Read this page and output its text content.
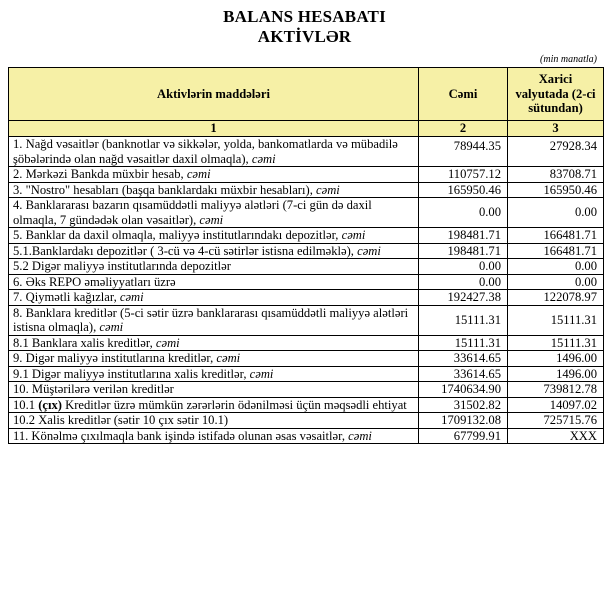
BALANS HESABATI
AKTİVLƏR
(min manatla)
Aktivlərin maddələri	Cəmi	Xarici valyutada (2-ci sütundan)
1	2	3
1. Nağd vəsaitlər (banknotlar və sikkələr, yolda, bankomatlarda və mübadilə şöbələrində olan nağd vəsaitlər daxil olmaqla), cəmi	78944.35	27928.34
2. Mərkəzi Bankda müxbir hesab, cəmi	110757.12	83708.71
3. "Nostro" hesabları (başqa banklardakı müxbir hesabları), cəmi	165950.46	165950.46
4. Banklararası bazarın qısamüddətli maliyyə alətləri (7-ci gün də daxil olmaqla, 7 gündədək olan vəsaitlər), cəmi	0.00	0.00
5. Banklar da daxil olmaqla, maliyyə institutlarındakı depozitlər, cəmi	198481.71	166481.71
5.1.Banklardakı depozitlər ( 3-cü və 4-cü sətirlər istisna edilməklə), cəmi	198481.71	166481.71
5.2 Digər maliyyə institutlarında depozitlər	0.00	0.00
6. Əks REPO əməliyyatları üzrə	0.00	0.00
7. Qiymətli kağızlar, cəmi	192427.38	122078.97
8. Banklara kreditlər (5-ci sətir üzrə banklararası qısamüddətli maliyyə alətləri istisna olmaqla), cəmi	15111.31	15111.31
8.1 Banklara xalis kreditlər, cəmi	15111.31	15111.31
9. Digər maliyyə institutlarına kreditlər, cəmi	33614.65	1496.00
9.1 Digər maliyyə institutlarına xalis kreditlər, cəmi	33614.65	1496.00
10. Müştərilərə verilən kreditlər	1740634.90	739812.78
10.1 (çıx) Kreditlər üzrə mümkün zərərlərin ödənilməsi üçün məqsədli ehtiyat	31502.82	14097.02
10.2 Xalis kreditlər (sətir 10 çıx sətir 10.1)	1709132.08	725715.76
11. Könəlmə çıxılmaqla bank işində istifadə olunan əsas vəsaitlər, cəmi	67799.91	XXX
